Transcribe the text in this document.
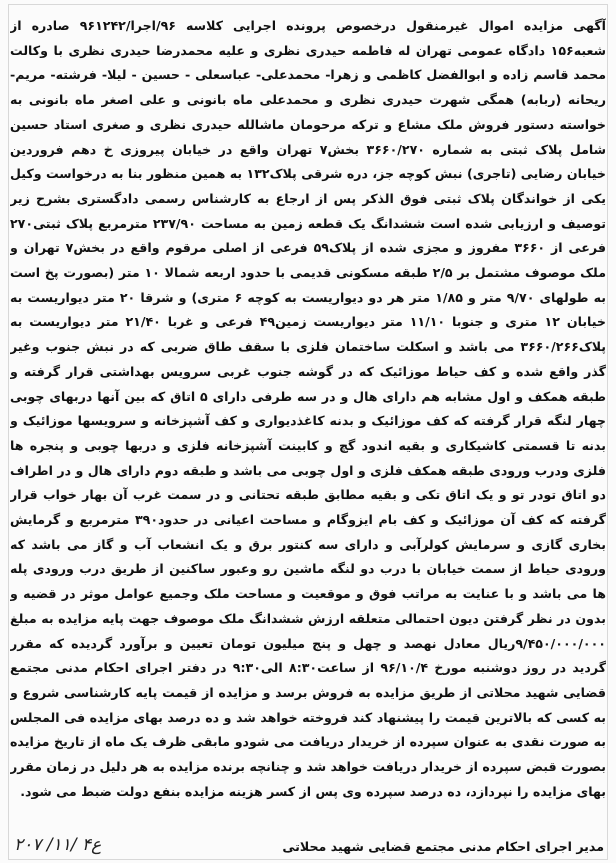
آگهی مزایده اموال غیرمنقول درخصوص پرونده اجرایی کلاسه ۹۶/اجرا/۹۶۱۲۴۲ صادره از شعبه۱۵۶ دادگاه عمومی تهران له فاطمه حیدری نظری و علیه محمدرضا حیدری نظری با وکالت محمد قاسم زاده و ابوالفضل کاظمی و زهرا- محمدعلی- عباسعلی - حسین - لیلا- فرشته- مریم- ریحانه (ربابه) همگی شهرت حیدری نظری و محمدعلی ماه بانونی و علی اصغر ماه بانونی به خواسته دستور فروش ملک مشاع و ترکه مرحومان ماشالله حیدری نظری و صغری استاد حسین شامل پلاک ثبتی به شماره ۳۶۶۰/۲۷۰ بخش۷ تهران واقع در خیابان پیروزی خ دهم فروردین خیابان رضایی (تاجری) نبش کوچه جز، دره شرقی پلاک۱۳۲ به همین منظور بنا به درخواست وکیل یکی از خواندگان پلاک ثبتی فوق الذکر پس از ارجاع به کارشناس رسمی دادگستری بشرح زیر توصیف و ارزیابی شده است ششدانگ یک قطعه زمین به مساحت ۲۳۷/۹۰ مترمربع پلاک ثبتی۲۷۰ فرعی از ۳۶۶۰ مفروز و مجزی شده از پلاک۵۹ فرعی از اصلی مرقوم واقع در بخش۷ تهران و ملک موصوف مشتمل بر ۲/۵ طبقه مسکونی قدیمی با حدود اربعه شمالا ۱۰ متر (بصورت پخ است به طولهای ۹/۷۰ متر و ۱/۸۵ متر هر دو دیواریست به کوچه ۶ متری) و شرقا ۲۰ متر دیواریست به خیابان ۱۲ متری و جنوبا ۱۱/۱۰ متر دیواریست زمین۴۹ فرعی و غربا ۲۱/۴۰ متر دیواریست به پلاک۳۶۶۰/۲۶۶ می باشد و اسکلت ساختمان فلزی با سقف طاق ضربی که در نبش جنوب وغیر گذر واقع شده و کف حیاط موزائیک که در گوشه جنوب غربی سرویس بهداشتی قرار گرفته و طبقه همکف و اول مشابه هم دارای هال و در سه طرفی دارای ۵ اتاق که بین آنها دربهای چوبی چهار لنگه قرار گرفته که کف موزائیک و بدنه کاغذدیواری و کف آشپزخانه و سرویسها موزائیک و بدنه تا قسمتی کاشیکاری و بقیه اندود گچ و کابینت آشپزخانه فلزی و دربها چوبی و پنجره ها فلزی ودرب ورودی طبقه همکف فلزی و اول چوبی می باشد و طبقه دوم دارای هال و در اطراف دو اتاق تودر تو و یک اتاق تکی و بقیه مطابق طبقه تحتانی و در سمت غرب آن بهار خواب قرار گرفته که کف آن موزائیک و کف بام ایزوگام و مساحت اعیانی در حدود۳۹۰ مترمربع و گرمایش بخاری گازی و سرمایش کولرآبی و دارای سه کنتور برق و یک انشعاب آب و گاز می باشد که ورودی حیاط از سمت خیابان با درب دو لنگه ماشین رو وعبور ساکنین از طریق درب ورودی پله ها می باشد و با عنایت به مراتب فوق و موقعیت و مساحت ملک وجمیع عوامل موثر در قضیه و بدون در نظر گرفتن دیون احتمالی متعلقه ارزش ششدانگ ملک موصوف جهت پایه مزایده به مبلغ ۹/۴۵۰/۰۰۰/۰۰۰ریال معادل نهصد و چهل و پنج میلیون تومان تعیین و برآورد گردیده که مقرر گردید در روز دوشنبه مورخ ۹۶/۱۰/۴ از ساعت۸:۳۰ الی۹:۳۰ در دفتر اجرای احکام مدنی مجتمع قضایی شهید محلاتی از طریق مزایده به فروش برسد و مزایده از قیمت پایه کارشناسی شروع و به کسی که بالاترین قیمت را پیشنهاد کند فروخته خواهد شد و ده درصد بهای مزایده فی المجلس به صورت نقدی به عنوان سپرده از خریدار دریافت می شودو مابقی ظرف یک ماه از تاریخ مزایده بصورت قبض سپرده از خریدار دریافت خواهد شد و چنانچه برنده مزایده به هر دلیل در زمان مقرر بهای مزایده را نپردازد، ده درصد سپرده وی پس از کسر هزینه مزایده بنفع دولت ضبط می شود.

مدیر اجرای احکام مدنی مجتمع قضایی شهید محلاتی
۲۰۷ /۱۱/ ۴ع
